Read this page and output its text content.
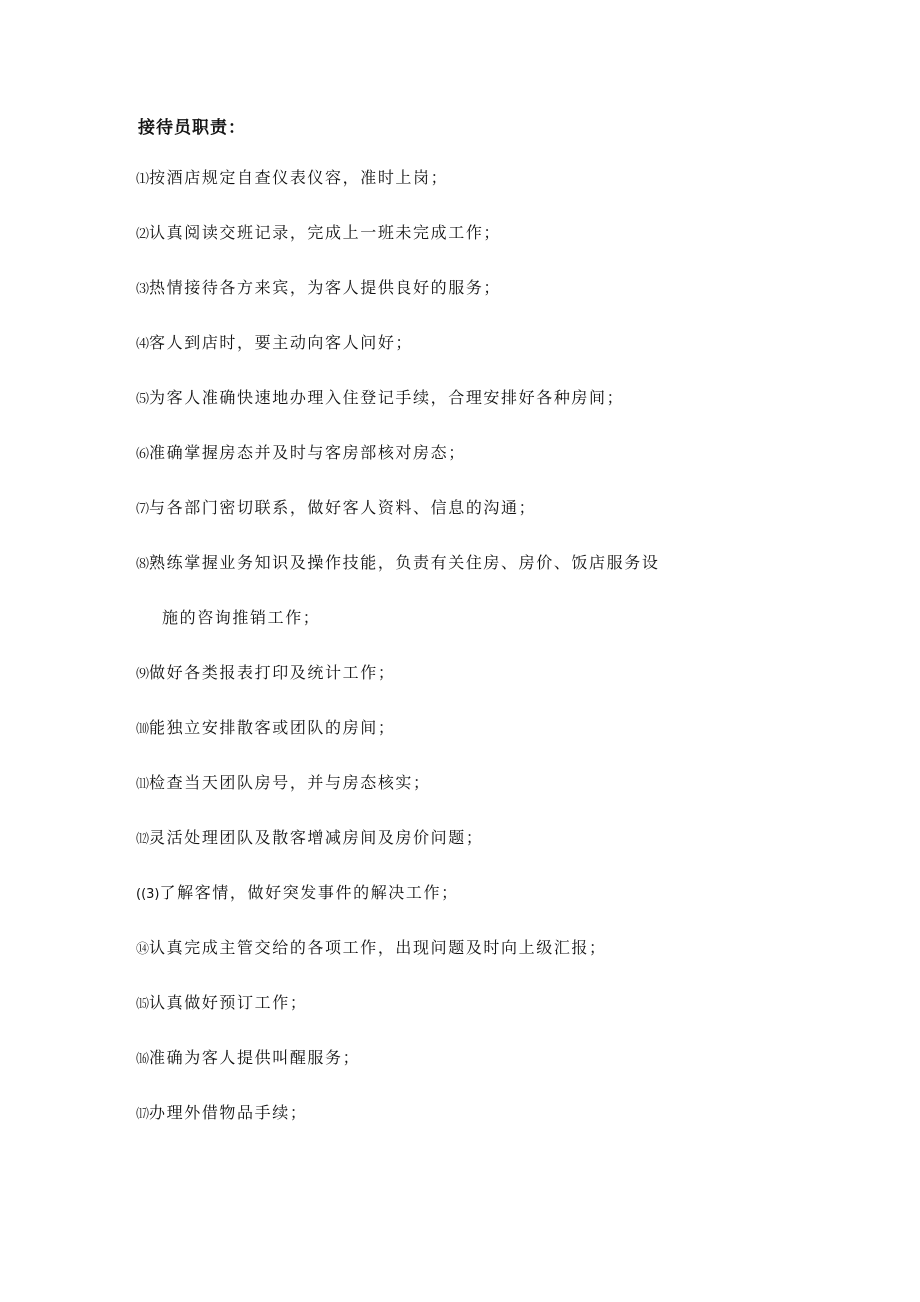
接待员职责：
⑴按酒店规定自查仪表仪容，准时上岗；
⑵认真阅读交班记录，完成上一班未完成工作；
⑶热情接待各方来宾，为客人提供良好的服务；
⑷客人到店时，要主动向客人问好；
⑸为客人准确快速地办理入住登记手续，合理安排好各种房间；
⑹准确掌握房态并及时与客房部核对房态；
⑺与各部门密切联系，做好客人资料、信息的沟通；
⑻熟练掌握业务知识及操作技能，负责有关住房、房价、饭店服务设
施的咨询推销工作；
⑼做好各类报表打印及统计工作；
⑽能独立安排散客或团队的房间；
⑾检查当天团队房号，并与房态核实；
⑿灵活处理团队及散客增减房间及房价问题；
((3)了解客情，做好突发事件的解决工作；
⑭认真完成主管交给的各项工作，出现问题及时向上级汇报；
⒂认真做好预订工作；
⒃准确为客人提供叫醒服务；
⒄办理外借物品手续；
